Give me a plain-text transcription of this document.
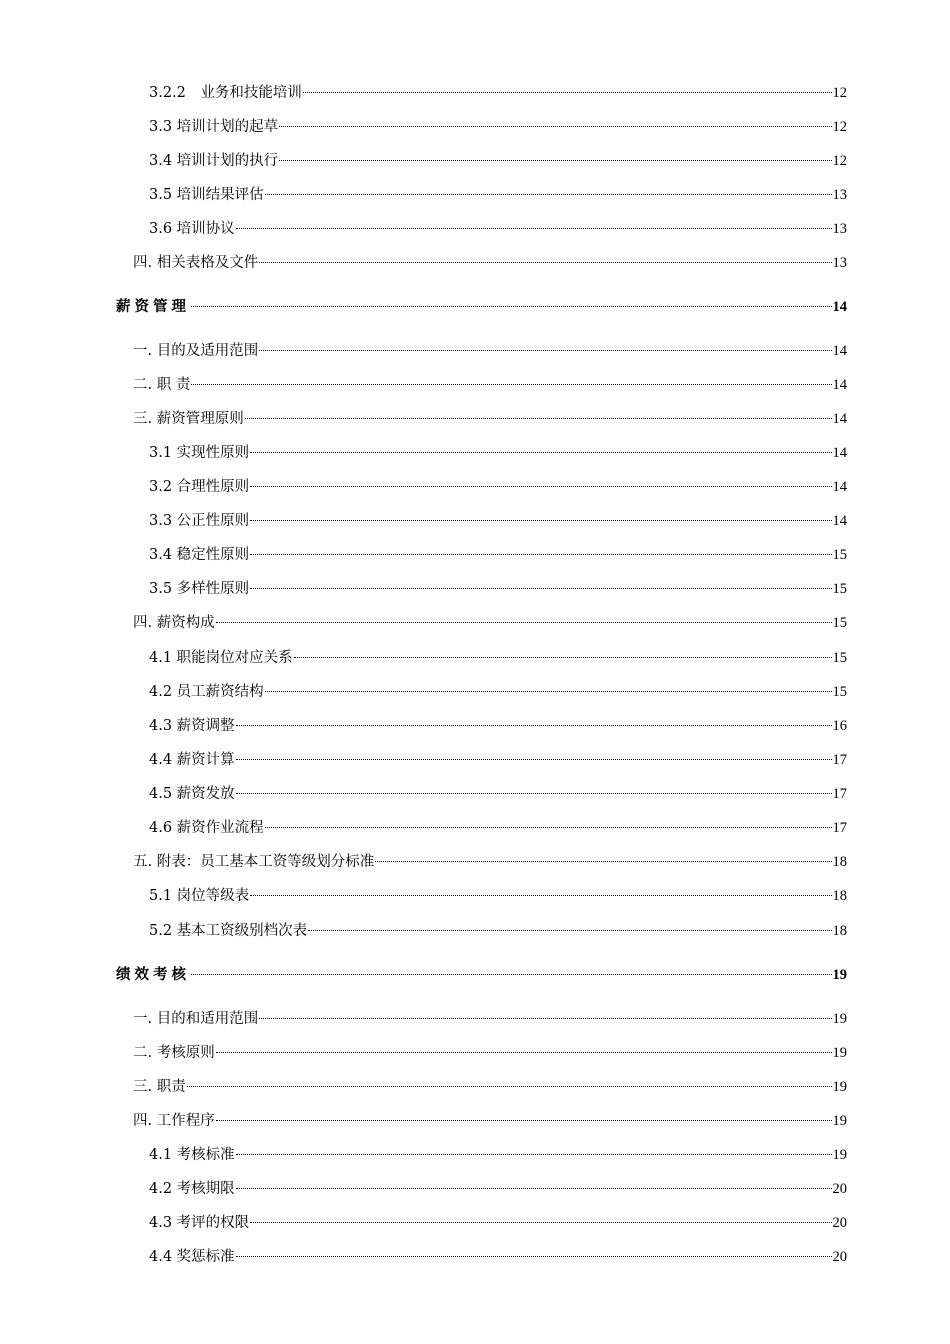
3.2.2　业务和技能培训	12
3.3 培训计划的起草	12
3.4 培训计划的执行	12
3.5 培训结果评估	13
3.6 培训协议	13
四. 相关表格及文件	13
薪资管理	14
一. 目的及适用范围	14
二. 职 责	14
三. 薪资管理原则	14
3.1 实现性原则	14
3.2 合理性原则	14
3.3 公正性原则	14
3.4 稳定性原则	15
3.5 多样性原则	15
四. 薪资构成	15
4.1 职能岗位对应关系	15
4.2 员工薪资结构	15
4.3 薪资调整	16
4.4 薪资计算	17
4.5 薪资发放	17
4.6 薪资作业流程	17
五. 附表：员工基本工资等级划分标准	18
5.1 岗位等级表	18
5.2 基本工资级别档次表	18
绩效考核	19
一. 目的和适用范围	19
二. 考核原则	19
三. 职责	19
四. 工作程序	19
4.1 考核标准	19
4.2 考核期限	20
4.3 考评的权限	20
4.4 奖惩标准	20
